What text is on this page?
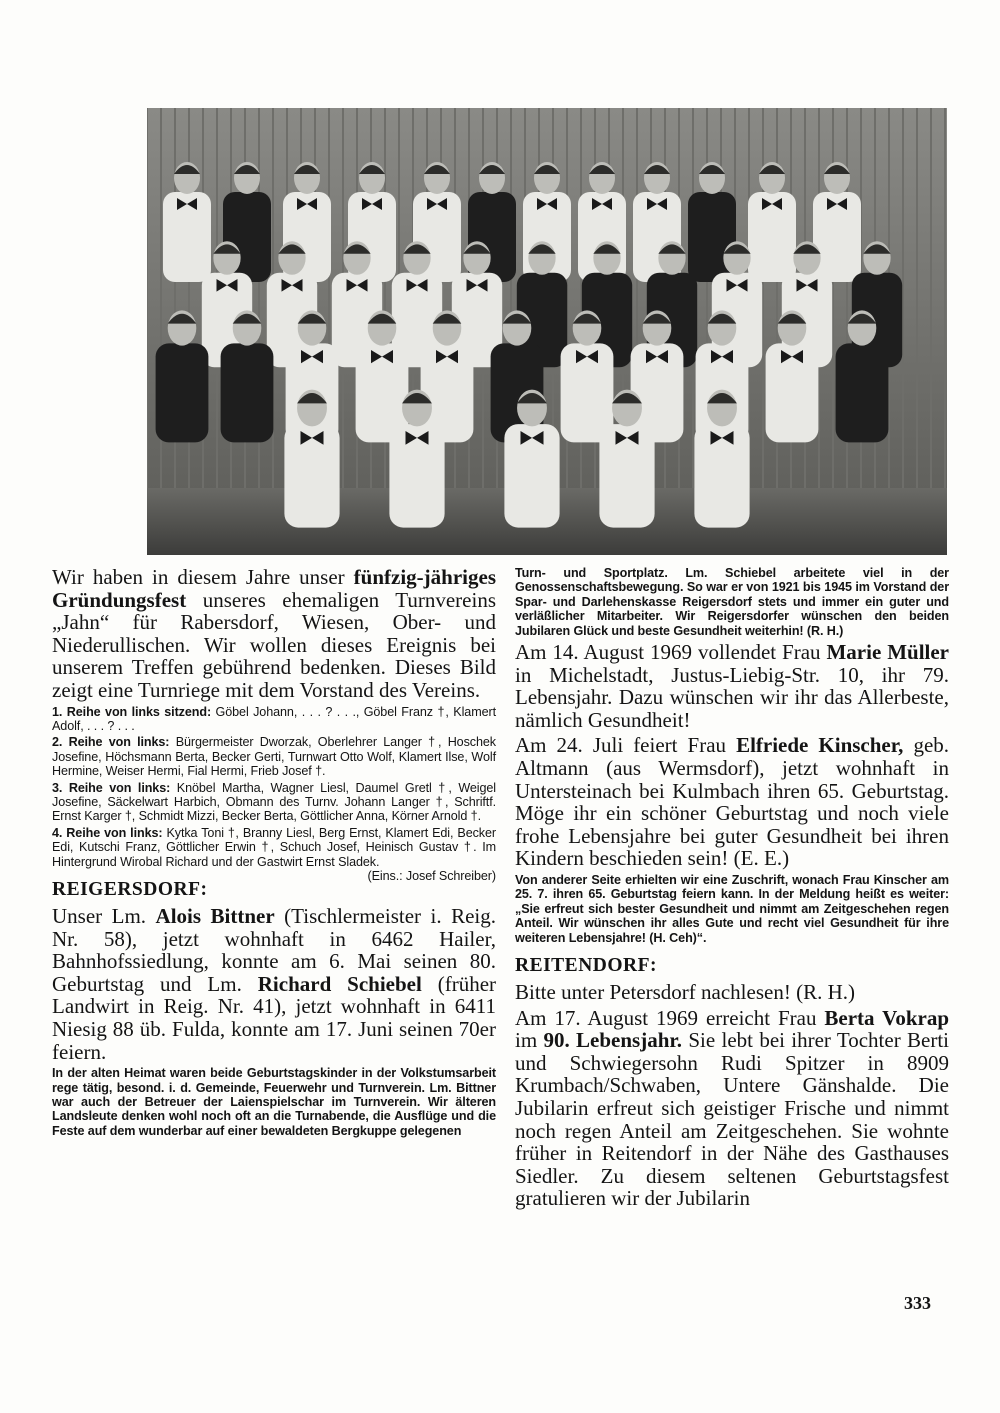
Wir haben in diesem Jahre unser fünfzig-jähriges Gründungsfest unseres ehemaligen Turnvereins „Jahn“ für Rabersdorf, Wiesen, Ober- und Niederullischen. Wir wollen dieses Ereignis bei unserem Treffen gebührend bedenken. Dieses Bild zeigt eine Turnriege mit dem Vorstand des Vereins.

1. Reihe von links sitzend: Göbel Johann, . . . ? . . ., Göbel Franz †, Klamert Adolf, . . . ? . . .

2. Reihe von links: Bürgermeister Dworzak, Oberlehrer Langer †, Hoschek Josefine, Höchsmann Berta, Becker Gerti, Turnwart Otto Wolf, Klamert Ilse, Wolf Hermine, Weiser Hermi, Fial Hermi, Frieb Josef †.

3. Reihe von links: Knöbel Martha, Wagner Liesl, Daumel Gretl †, Weigel Josefine, Säckelwart Harbich, Obmann des Turnv. Johann Langer †, Schriftf. Ernst Karger †, Schmidt Mizzi, Becker Berta, Göttlicher Anna, Körner Arnold †.

4. Reihe von links: Kytka Toni †, Branny Liesl, Berg Ernst, Klamert Edi, Becker Edi, Kutschi Franz, Göttlicher Erwin †, Schuch Josef, Heinisch Gustav †. Im Hintergrund Wirobal Richard und der Gastwirt Ernst Sladek.
(Eins.: Josef Schreiber)

REIGERSDORF:

Unser Lm. Alois Bittner (Tischlermeister i. Reig. Nr. 58), jetzt wohnhaft in 6462 Hailer, Bahnhofssiedlung, konnte am 6. Mai seinen 80. Geburtstag und Lm. Richard Schiebel (früher Landwirt in Reig. Nr. 41), jetzt wohnhaft in 6411 Niesig 88 üb. Fulda, konnte am 17. Juni seinen 70er feiern.

In der alten Heimat waren beide Geburtstagskinder in der Volkstumsarbeit rege tätig, besond. i. d. Gemeinde, Feuerwehr und Turnverein. Lm. Bittner war auch der Betreuer der Laienspielschar im Turnverein. Wir älteren Landsleute denken wohl noch oft an die Turnabende, die Ausflüge und die Feste auf dem wunderbar auf einer bewaldeten Bergkuppe gelegenen

Turn- und Sportplatz. Lm. Schiebel arbeitete viel in der Genossenschaftsbewegung. So war er von 1921 bis 1945 im Vorstand der Spar- und Darlehenskasse Reigersdorf stets und immer ein guter und verläßlicher Mitarbeiter. Wir Reigersdorfer wünschen den beiden Jubilaren Glück und beste Gesundheit weiterhin! (R. H.)

Am 14. August 1969 vollendet Frau Marie Müller in Michelstadt, Justus-Liebig-Str. 10, ihr 79. Lebensjahr. Dazu wünschen wir ihr das Allerbeste, nämlich Gesundheit!

Am 24. Juli feiert Frau Elfriede Kinscher, geb. Altmann (aus Wermsdorf), jetzt wohnhaft in Untersteinach bei Kulmbach ihren 65. Geburtstag. Möge ihr ein schöner Geburtstag und noch viele frohe Lebensjahre bei guter Gesundheit bei ihren Kindern beschieden sein! (E. E.)

Von anderer Seite erhielten wir eine Zuschrift, wonach Frau Kinscher am 25. 7. ihren 65. Geburtstag feiern kann. In der Meldung heißt es weiter: „Sie erfreut sich bester Gesundheit und nimmt am Zeitgeschehen regen Anteil. Wir wünschen ihr alles Gute und recht viel Gesundheit für ihre weiteren Lebensjahre! (H. Ceh)“.

REITENDORF:

Bitte unter Petersdorf nachlesen! (R. H.)

Am 17. August 1969 erreicht Frau Berta Vokrap im 90. Lebensjahr. Sie lebt bei ihrer Tochter Berti und Schwiegersohn Rudi Spitzer in 8909 Krumbach/Schwaben, Untere Gänshalde. Die Jubilarin erfreut sich geistiger Frische und nimmt noch regen Anteil am Zeitgeschehen. Sie wohnte früher in Reitendorf in der Nähe des Gasthauses Siedler. Zu diesem seltenen Geburtstagsfest gratulieren wir der Jubilarin

333
